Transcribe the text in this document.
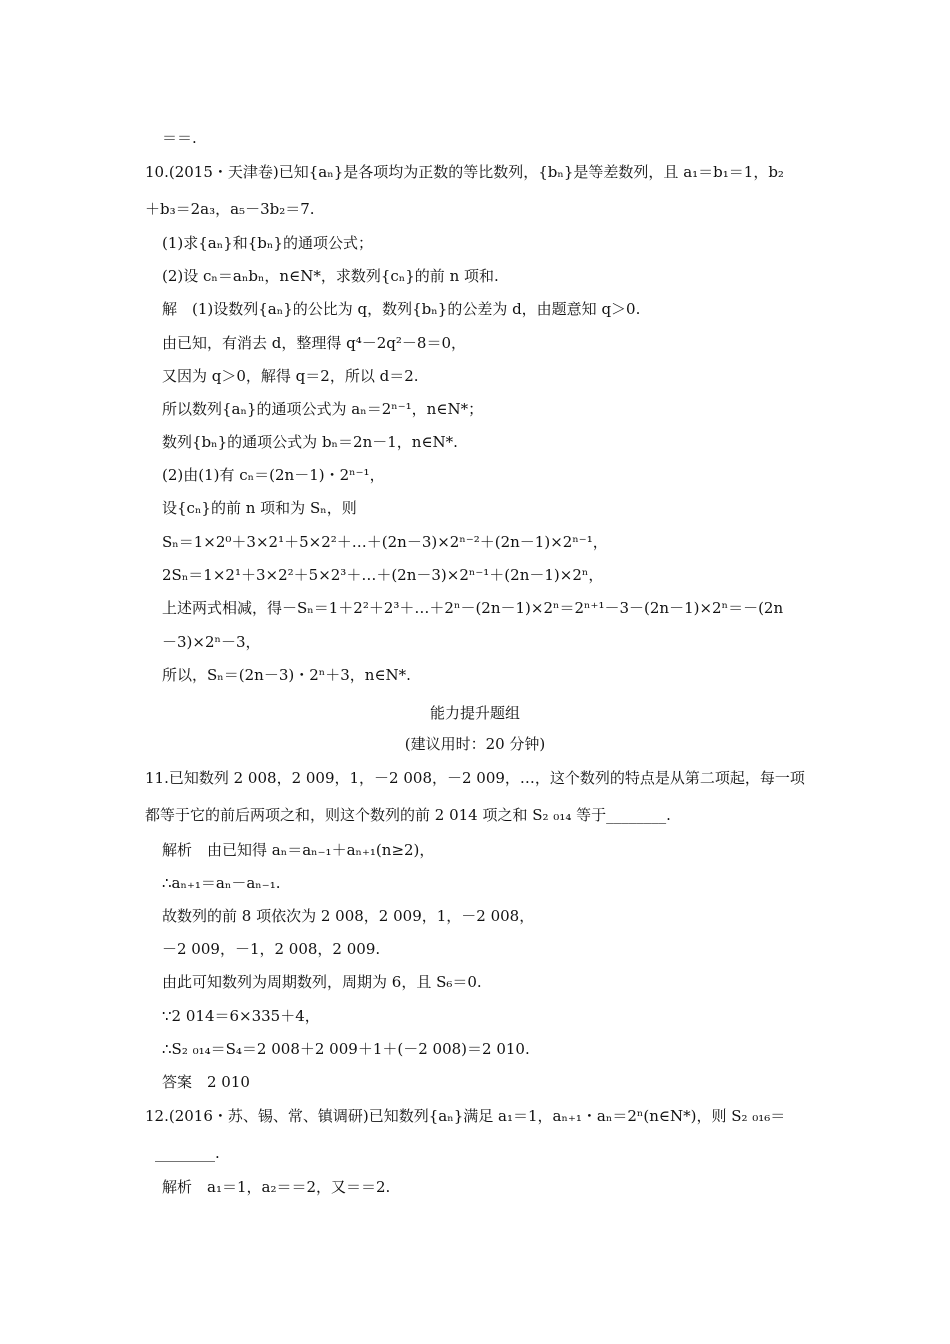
＝＝.
10.(2015・天津卷)已知{aₙ}是各项均为正数的等比数列，{bₙ}是等差数列，且 a₁＝b₁＝1，b₂
＋b₃＝2a₃，a₅－3b₂＝7.
(1)求{aₙ}和{bₙ}的通项公式；
(2)设 cₙ＝aₙbₙ，n∈N*，求数列{cₙ}的前 n 项和.
解　(1)设数列{aₙ}的公比为 q，数列{bₙ}的公差为 d，由题意知 q＞0.
由已知，有消去 d，整理得 q⁴－2q²－8＝0，
又因为 q＞0，解得 q＝2，所以 d＝2.
所以数列{aₙ}的通项公式为 aₙ＝2ⁿ⁻¹，n∈N*；
数列{bₙ}的通项公式为 bₙ＝2n－1，n∈N*.
(2)由(1)有 cₙ＝(2n－1)・2ⁿ⁻¹，
设{cₙ}的前 n 项和为 Sₙ，则
Sₙ＝1×2⁰＋3×2¹＋5×2²＋…＋(2n－3)×2ⁿ⁻²＋(2n－1)×2ⁿ⁻¹，
2Sₙ＝1×2¹＋3×2²＋5×2³＋…＋(2n－3)×2ⁿ⁻¹＋(2n－1)×2ⁿ，
上述两式相减，得－Sₙ＝1＋2²＋2³＋…＋2ⁿ－(2n－1)×2ⁿ＝2ⁿ⁺¹－3－(2n－1)×2ⁿ＝－(2n
－3)×2ⁿ－3，
所以，Sₙ＝(2n－3)・2ⁿ＋3，n∈N*.
能力提升题组
(建议用时：20 分钟)
11.已知数列 2 008，2 009，1，－2 008，－2 009，…，这个数列的特点是从第二项起，每一项
都等于它的前后两项之和，则这个数列的前 2 014 项之和 S₂ ₀₁₄ 等于________.
解析　由已知得 aₙ＝aₙ₋₁＋aₙ₊₁(n≥2)，
∴aₙ₊₁＝aₙ－aₙ₋₁.
故数列的前 8 项依次为 2 008，2 009，1，－2 008，
－2 009，－1，2 008，2 009.
由此可知数列为周期数列，周期为 6，且 S₆＝0.
∵2 014＝6×335＋4，
∴S₂ ₀₁₄＝S₄＝2 008＋2 009＋1＋(－2 008)＝2 010.
答案　2 010
12.(2016・苏、锡、常、镇调研)已知数列{aₙ}满足 a₁＝1，aₙ₊₁・aₙ＝2ⁿ(n∈N*)，则 S₂ ₀₁₆＝
________.
解析　a₁＝1，a₂＝＝2，又＝＝2.
